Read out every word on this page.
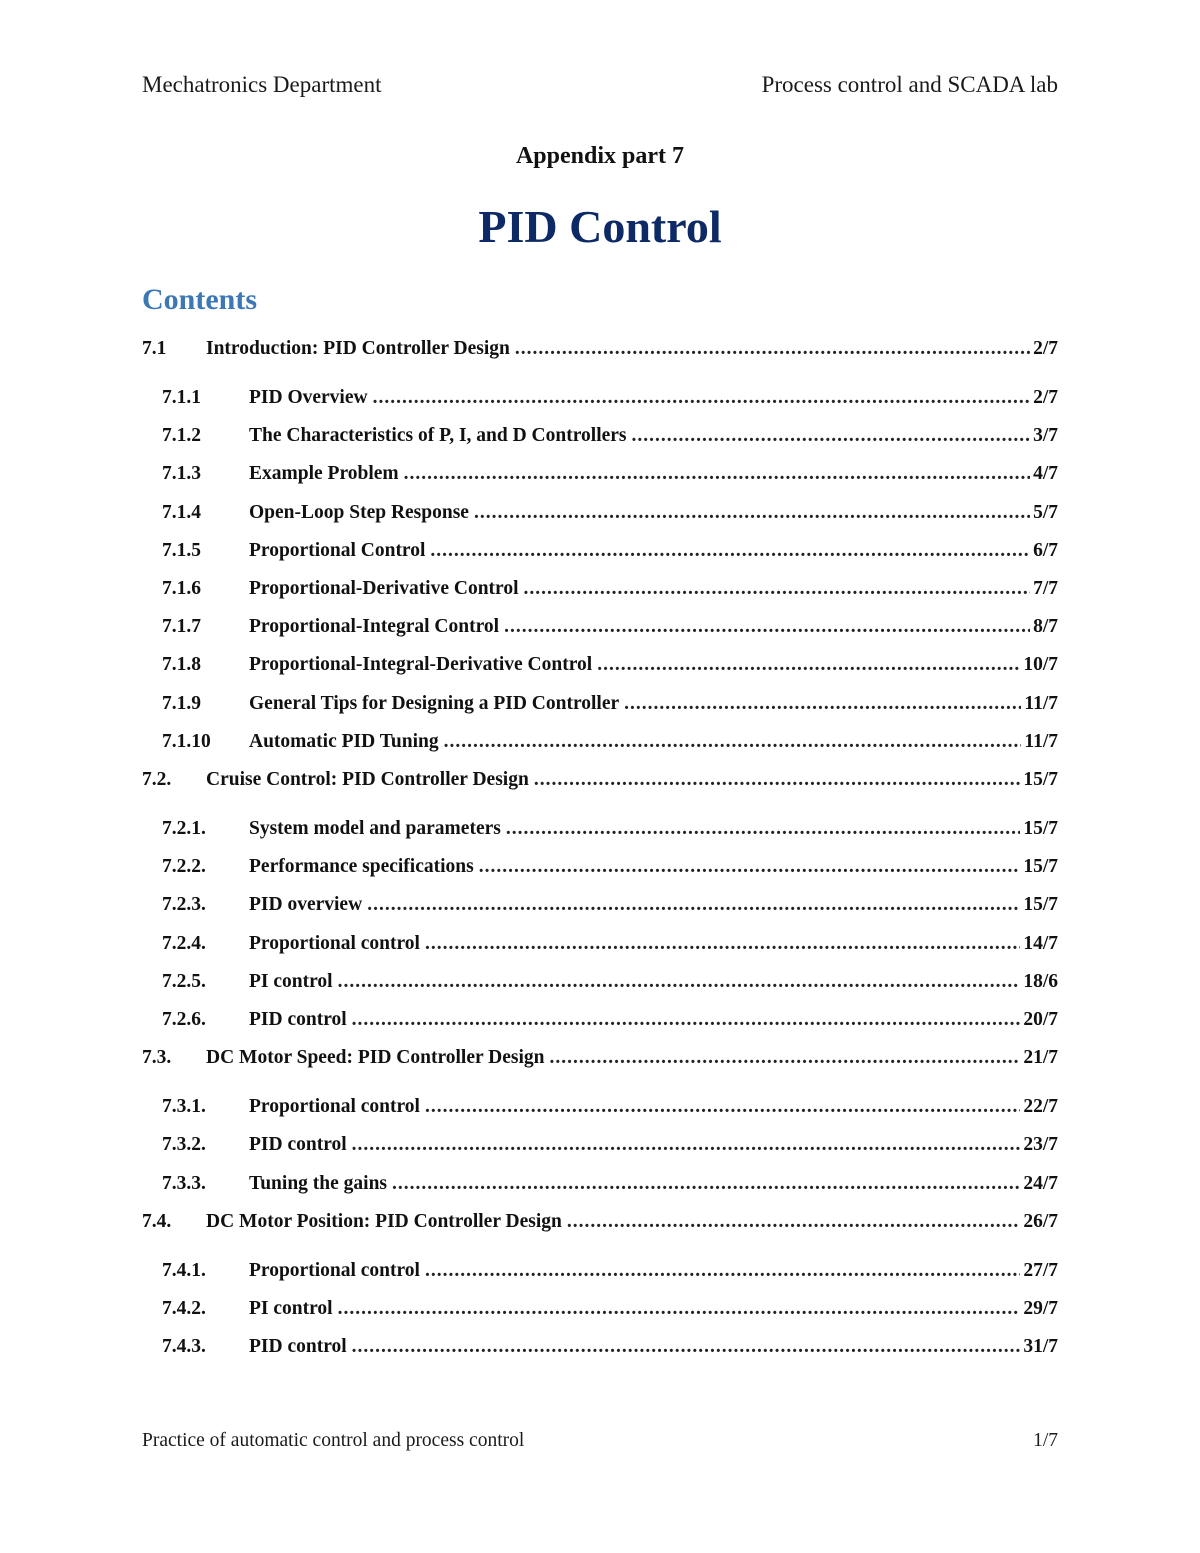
Mechatronics Department	Process control and SCADA lab
Appendix part 7
PID Control
Contents
7.1	Introduction: PID Controller Design .....	2/7
7.1.1	PID Overview .....	2/7
7.1.2	The Characteristics of P, I, and D Controllers .....	3/7
7.1.3	Example Problem .....	4/7
7.1.4	Open-Loop Step Response .....	5/7
7.1.5	Proportional Control .....	6/7
7.1.6	Proportional-Derivative Control .....	7/7
7.1.7	Proportional-Integral Control .....	8/7
7.1.8	Proportional-Integral-Derivative Control .....	10/7
7.1.9	General Tips for Designing a PID Controller .....	11/7
7.1.10	Automatic PID Tuning .....	11/7
7.2.	Cruise Control: PID Controller Design .....	15/7
7.2.1.	System model and parameters .....	15/7
7.2.2.	Performance specifications .....	15/7
7.2.3.	PID overview .....	15/7
7.2.4.	Proportional control .....	14/7
7.2.5.	PI control .....	18/6
7.2.6.	PID control .....	20/7
7.3.	DC Motor Speed: PID Controller Design .....	21/7
7.3.1.	Proportional control .....	22/7
7.3.2.	PID control .....	23/7
7.3.3.	Tuning the gains .....	24/7
7.4.	DC Motor Position: PID Controller Design .....	26/7
7.4.1.	Proportional control .....	27/7
7.4.2.	PI control .....	29/7
7.4.3.	PID control .....	31/7
Practice of automatic control and process control	1/7
